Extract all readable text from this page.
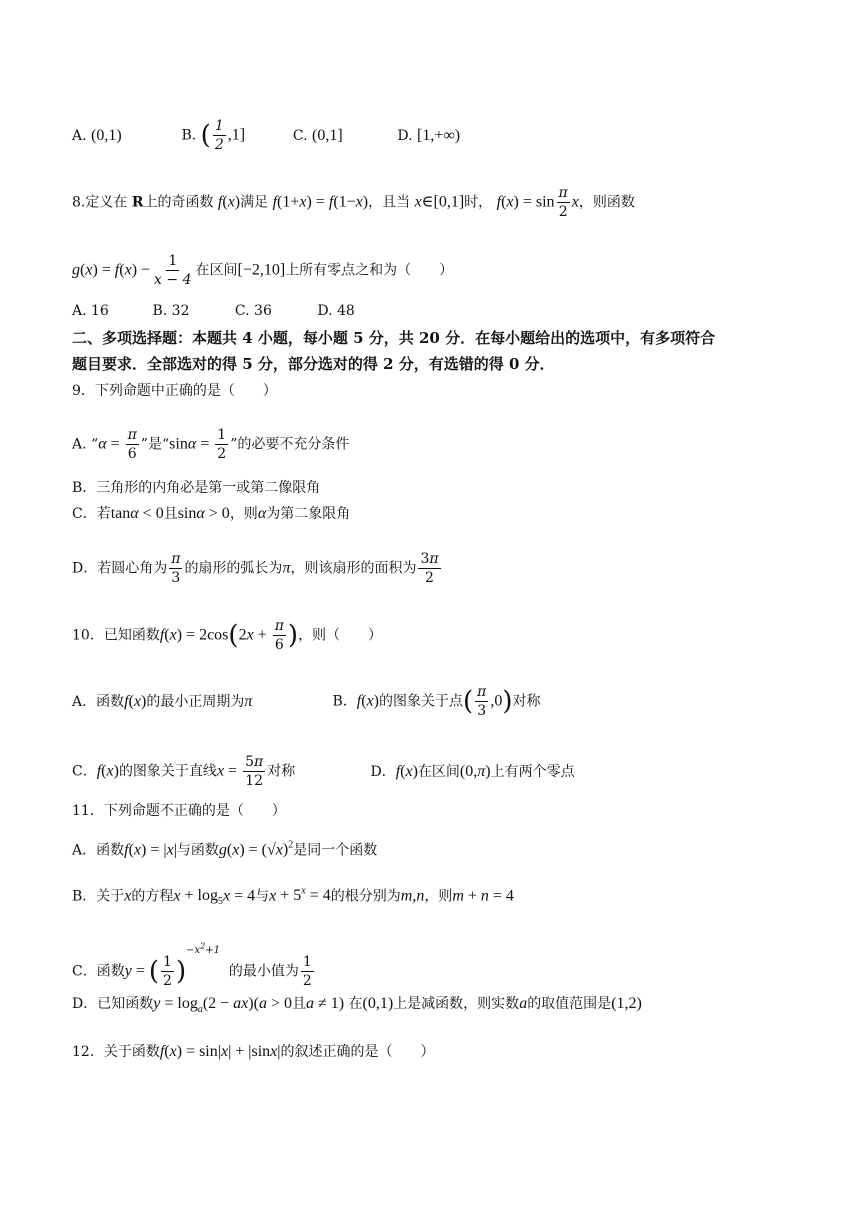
A. (0,1)	B. ( $\frac{1}{2} ,1$]	C. (0,1]	D. [1,+∞)
8.定义在 R上的奇函数 f(x)满足 f(1+x) = f(1−x)，且当 x∈[0,1]时， $f(x) = \sin \frac{\pi}{2}$ x，则函数
$g(x) = f(x) - \frac{1}{x - 4}$ 在区间[−2,10]上所有零点之和为（　　）
A. 16	B. 32	C. 36	D. 48
二、多项选择题：本题共 4 小题，每小题 5 分，共 20 分．在每小题给出的选项中，有多项符合
题目要求．全部选对的得 5 分，部分选对的得 2 分，有选错的得 0 分．
9．下列命题中正确的是（　　）
A. “$\alpha = \frac{\pi}{6}$ ”是“$\sin\alpha = \frac{1}{2}$ ”的必要不充分条件
B．三角形的内角必是第一或第二像限角
C．若tanα < 0且sinα > 0，则α为第二象限角
D．若圆心角为 $\frac{\pi}{3}$ 的扇形的弧长为π，则该扇形的面积为 $\frac{3\pi}{2}$
10．已知函数$f(x) = 2\cos(2x + \frac{\pi}{6}$ )，则（　　）
A．函数f(x)的最小正周期为π	B．f(x)的图象关于点( $\frac{\pi}{3} ,0$)对称
C．f(x)的图象关于直线$x = \frac{5\pi}{12}$ 对称	D．f(x)在区间(0,π)上有两个零点
11．下列命题不正确的是（　　）
A．函数f(x) = |x|与函数$g(x) = (√x)^2$是同一个函数
B．关于x的方程$x + \log_5x = 4$与$x + 5^x = 4$的根分别为m,n，则m + n = 4
C．函数y = ( $\frac{1}{2} )^{-x^2+1}$  的最小值为 $\frac{1}{2}$
D．已知函数$y = \log_a(2 - ax)(a > 0$且a ≠ 1) 在(0,1)上是减函数，则实数a的取值范围是(1,2)
12．关于函数f(x) = sin|x| + |sinx|的叙述正确的是（　　）
